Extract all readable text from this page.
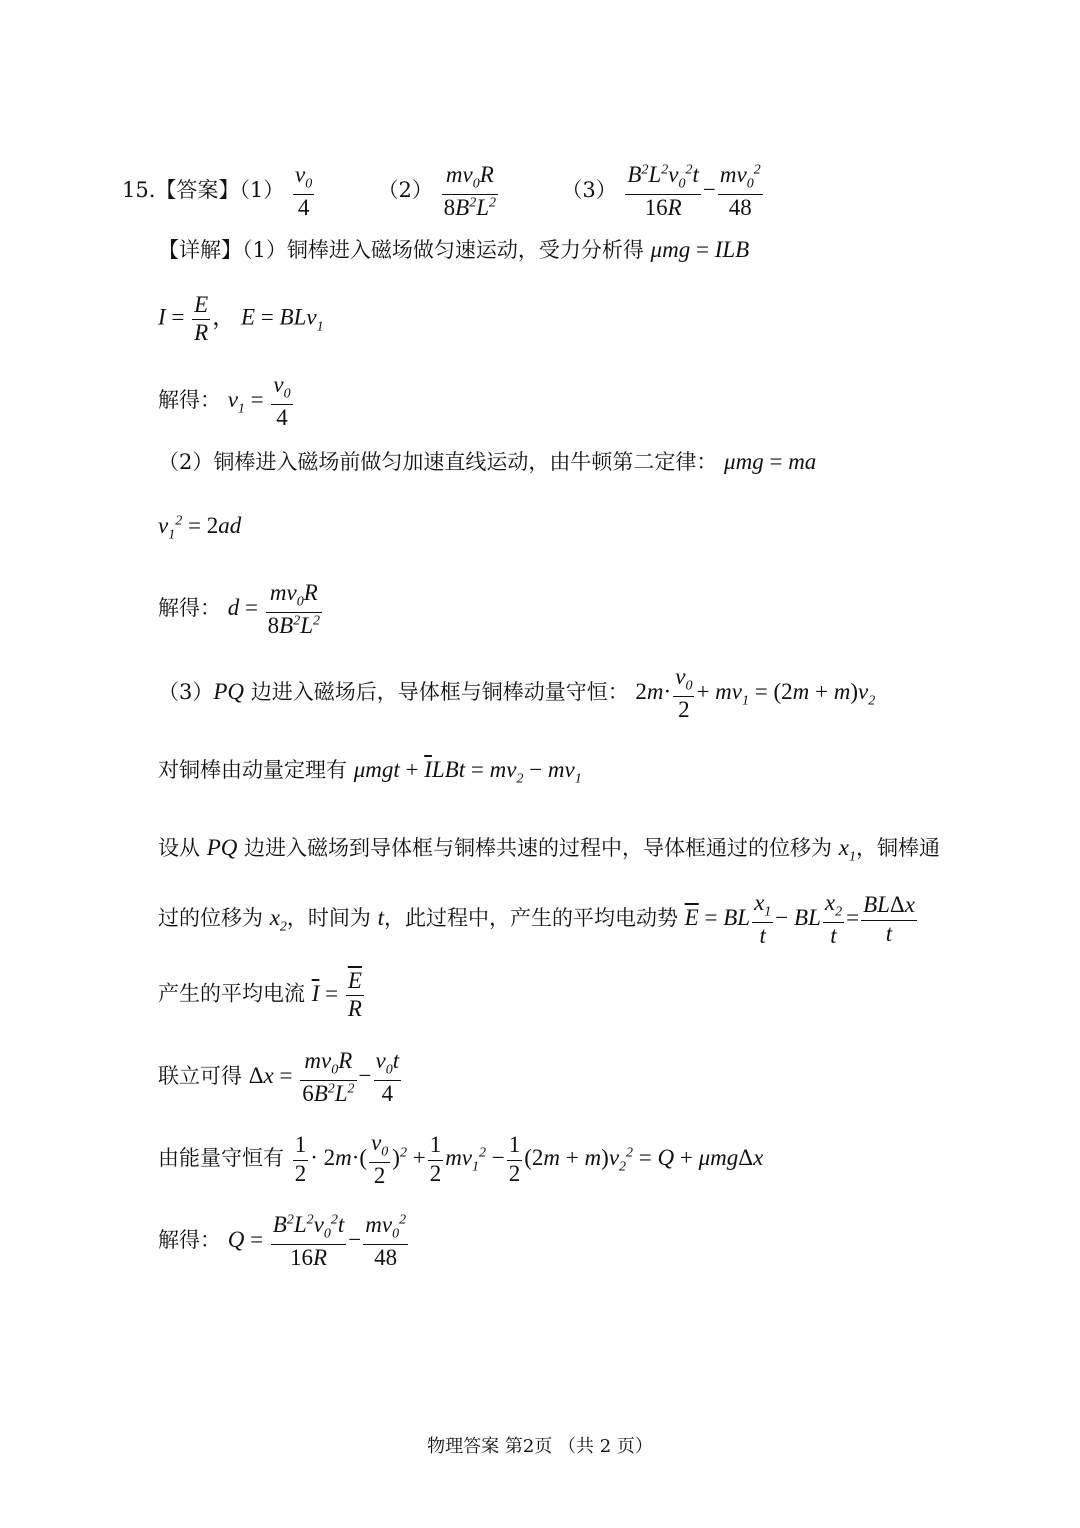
15.【答案】$(1) \frac{v_0}{4}$	$(2) \frac{mv_0R}{8B^2L^2}$	$(3) \frac{B^2L^2v_0^2t}{16R} - \frac{mv_0^2}{48}$
【详解】（1）铜棒进入磁场做匀速运动，受力分析得 μmg = ILB
$I = \frac{E}{R}$ ， E = BLv$_1$
解得： $v_1 = \frac{v_0}{4}$
（2）铜棒进入磁场前做匀加速直线运动，由牛顿第二定律： μmg = ma
$v_1^2 = 2ad$
解得： $d = \frac{mv_0R}{8B^2L^2}$
（3）PQ 边进入磁场后，导体框与铜棒动量守恒： $2m\cdot \frac{v_0}{2} + mv_1 = (2m + m)v_2$
对铜棒由动量定理有 $\mu mgt + \overline{I}LBt = mv_2 - mv_1$
设从 PQ 边进入磁场到导体框与铜棒共速的过程中，导体框通过的位移为 $x_1$，铜棒通
过的位移为 $x_2$，时间为 t，此过程中，产生的平均电动势 $\overline{E}$ = BL $\frac{x_1}{t}$ − BL $\frac{x_2}{t} = \frac{\text{BLΔx}}{t}$
产生的平均电流 $\overline{I} = \frac{\overline{E}}{R}$
联立可得 $\Delta x = \frac{mv_0R}{6B^2L^2} - \frac{v_0t}{4}$
由能量守恒有 $\frac{1}{2} \cdot 2m\cdot( \frac{v_0}{2} )^2 + \frac{1}{2} mv_1^2 - \frac{1}{2} (2m + m)v_2^2 = Q + \mu mg\Delta x$
解得： $Q = \frac{B^2L^2v_0^2t}{16R} - \frac{mv_0^2}{48}$
物理答案 第2页 （共 2 页）
